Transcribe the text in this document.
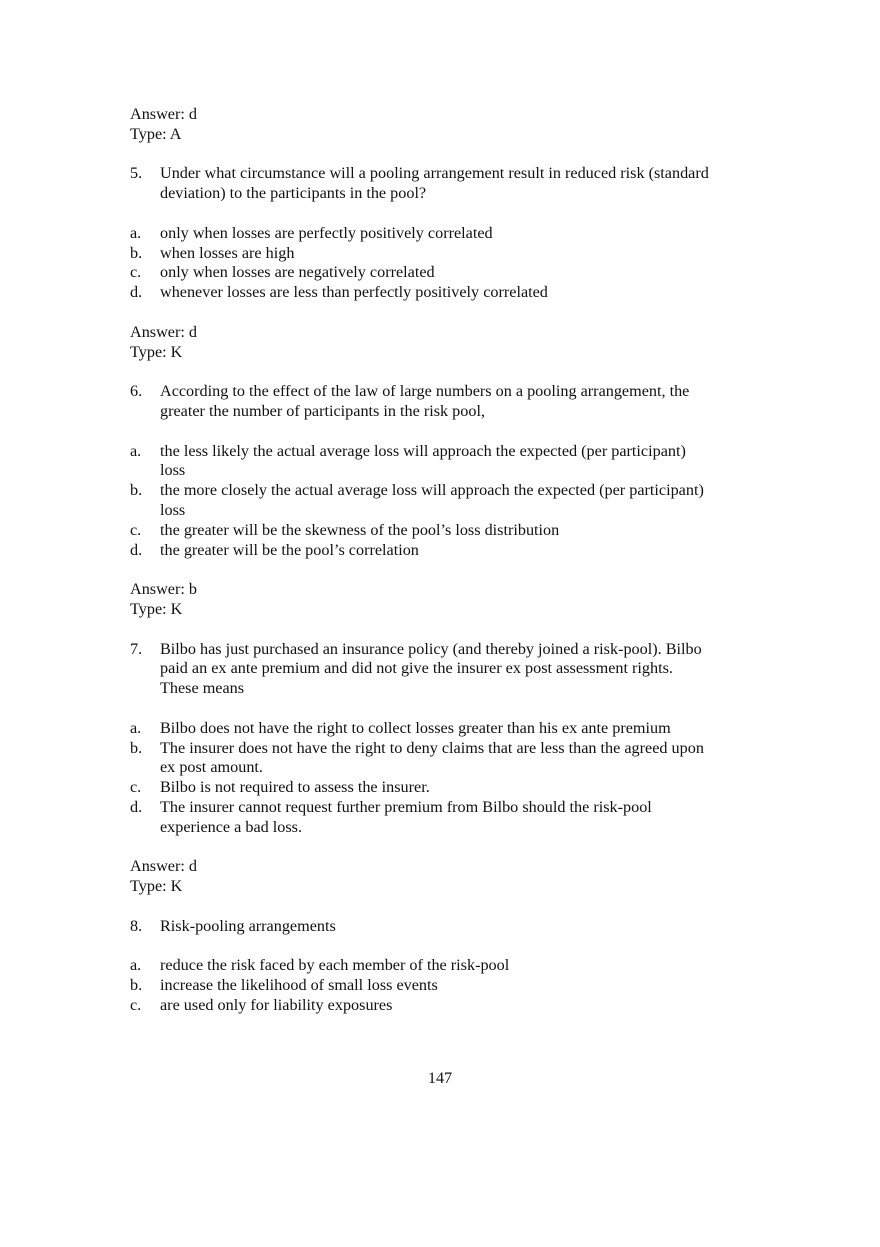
Answer: d
Type: A
5. Under what circumstance will a pooling arrangement result in reduced risk (standard
deviation) to the participants in the pool?
a. only when losses are perfectly positively correlated
b. when losses are high
c. only when losses are negatively correlated
d. whenever losses are less than perfectly positively correlated
Answer: d
Type: K
6. According to the effect of the law of large numbers on a pooling arrangement, the
greater the number of participants in the risk pool,
a. the less likely the actual average loss will approach the expected (per participant)
loss
b. the more closely the actual average loss will approach the expected (per participant)
loss
c. the greater will be the skewness of the pool’s loss distribution
d. the greater will be the pool’s correlation
Answer: b
Type: K
7. Bilbo has just purchased an insurance policy (and thereby joined a risk-pool). Bilbo
paid an ex ante premium and did not give the insurer ex post assessment rights.
These means
a. Bilbo does not have the right to collect losses greater than his ex ante premium
b. The insurer does not have the right to deny claims that are less than the agreed upon
ex post amount.
c. Bilbo is not required to assess the insurer.
d. The insurer cannot request further premium from Bilbo should the risk-pool
experience a bad loss.
Answer: d
Type: K
8. Risk-pooling arrangements
a. reduce the risk faced by each member of the risk-pool
b. increase the likelihood of small loss events
c. are used only for liability exposures
147
